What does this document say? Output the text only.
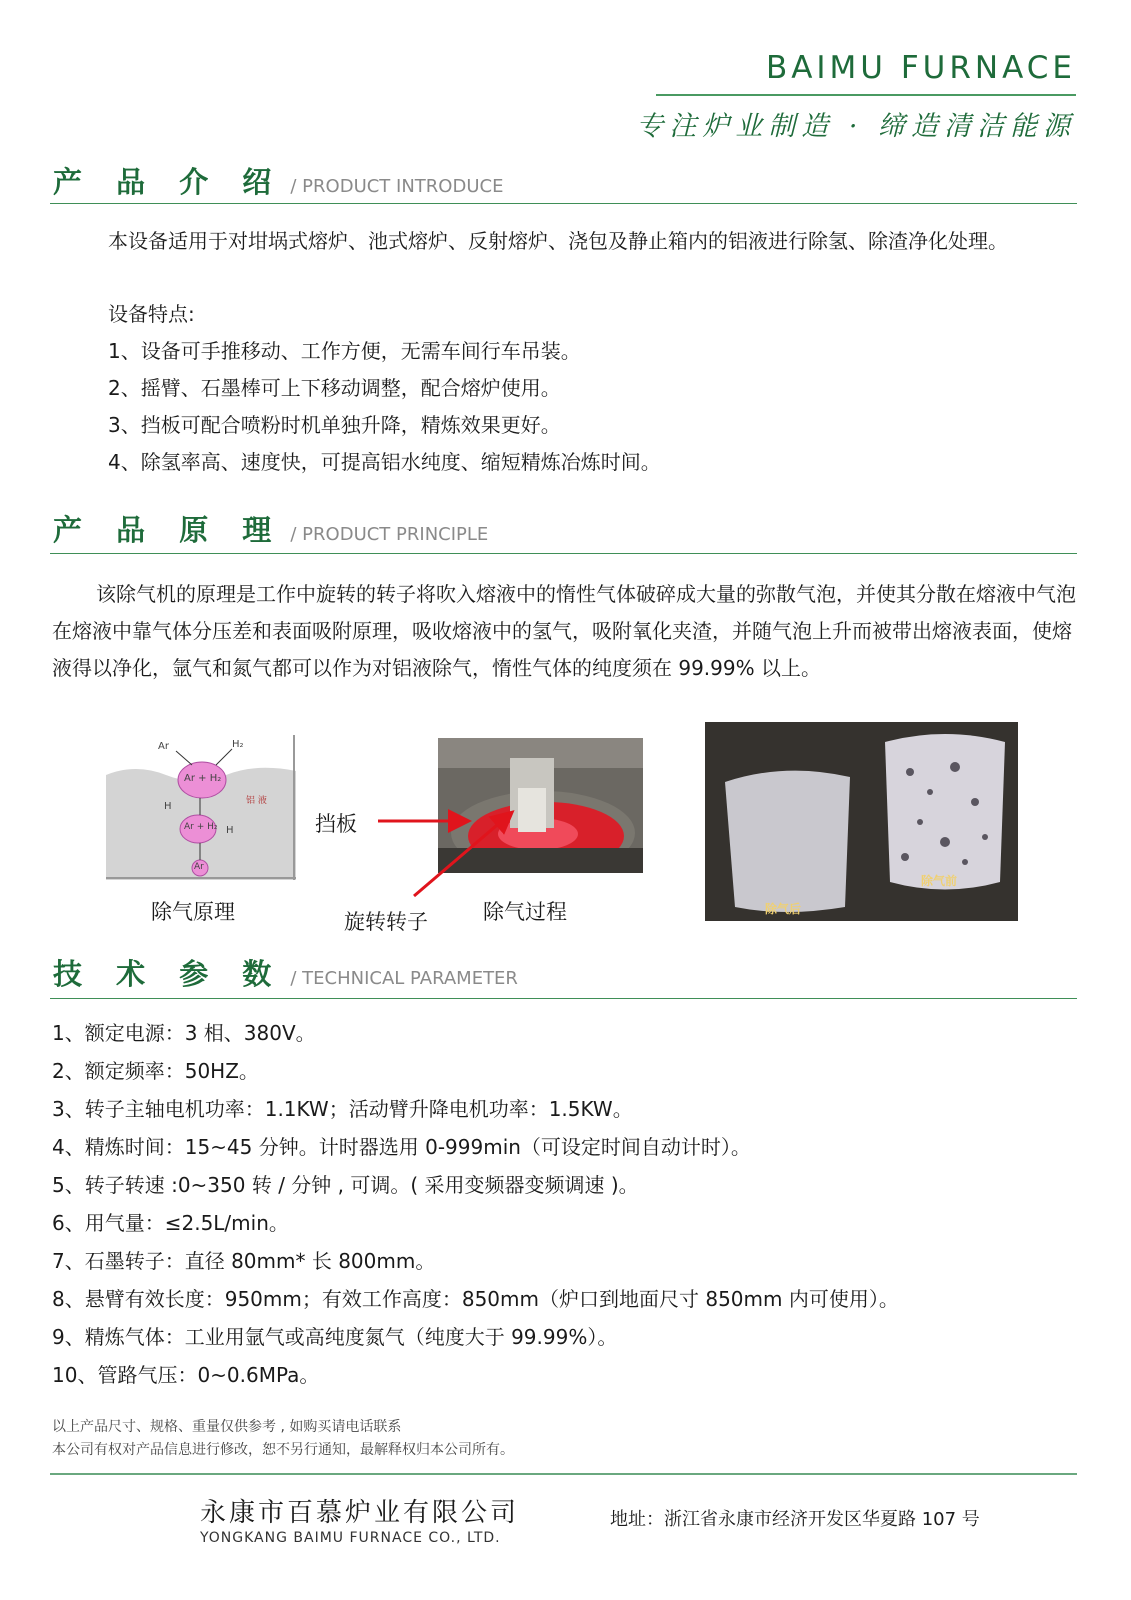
BAIMU FURNACE
专注炉业制造 · 缔造清洁能源
产 品 介 绍 / PRODUCT INTRODUCE
本设备适用于对坩埚式熔炉、池式熔炉、反射熔炉、浇包及静止箱内的铝液进行除氢、除渣净化处理。
设备特点:
1、设备可手推移动、工作方便，无需车间行车吊装。
2、摇臂、石墨棒可上下移动调整，配合熔炉使用。
3、挡板可配合喷粉时机单独升降，精炼效果更好。
4、除氢率高、速度快，可提高铝水纯度、缩短精炼冶炼时间。
产 品 原 理 / PRODUCT PRINCIPLE
该除气机的原理是工作中旋转的转子将吹入熔液中的惰性气体破碎成大量的弥散气泡，并使其分散在熔液中气泡在熔液中靠气体分压差和表面吸附原理，吸收熔液中的氢气，吸附氧化夹渣，并随气泡上升而被带出熔液表面，使熔液得以净化，氩气和氮气都可以作为对铝液除气，惰性气体的纯度须在 99.99% 以上。
Ar	H₂
Ar + H₂
Ar + H₂
H
H
Ar
铝 液
除气原理
挡板
旋转转子	除气过程	除气后
除气前
技 术 参 数 / TECHNICAL PARAMETER
1、额定电源：3 相、380V。
2、额定频率：50HZ。
3、转子主轴电机功率：1.1KW；活动臂升降电机功率：1.5KW。
4、精炼时间：15~45 分钟。计时器选用 0-999min（可设定时间自动计时）。
5、转子转速 :0~350 转 / 分钟 , 可调。( 采用变频器变频调速 )。
6、用气量：≤2.5L/min。
7、石墨转子：直径 80mm* 长 800mm。
8、悬臂有效长度：950mm；有效工作高度：850mm（炉口到地面尺寸 850mm 内可使用）。
9、精炼气体：工业用氩气或高纯度氮气（纯度大于 99.99%）。
10、管路气压：0~0.6MPa。
以上产品尺寸、规格、重量仅供参考 , 如购买请电话联系
本公司有权对产品信息进行修改，恕不另行通知，最解释权归本公司所有。
永康市百慕炉业有限公司
YONGKANG BAIMU FURNACE CO., LTD.
地址：浙江省永康市经济开发区华夏路 107 号
